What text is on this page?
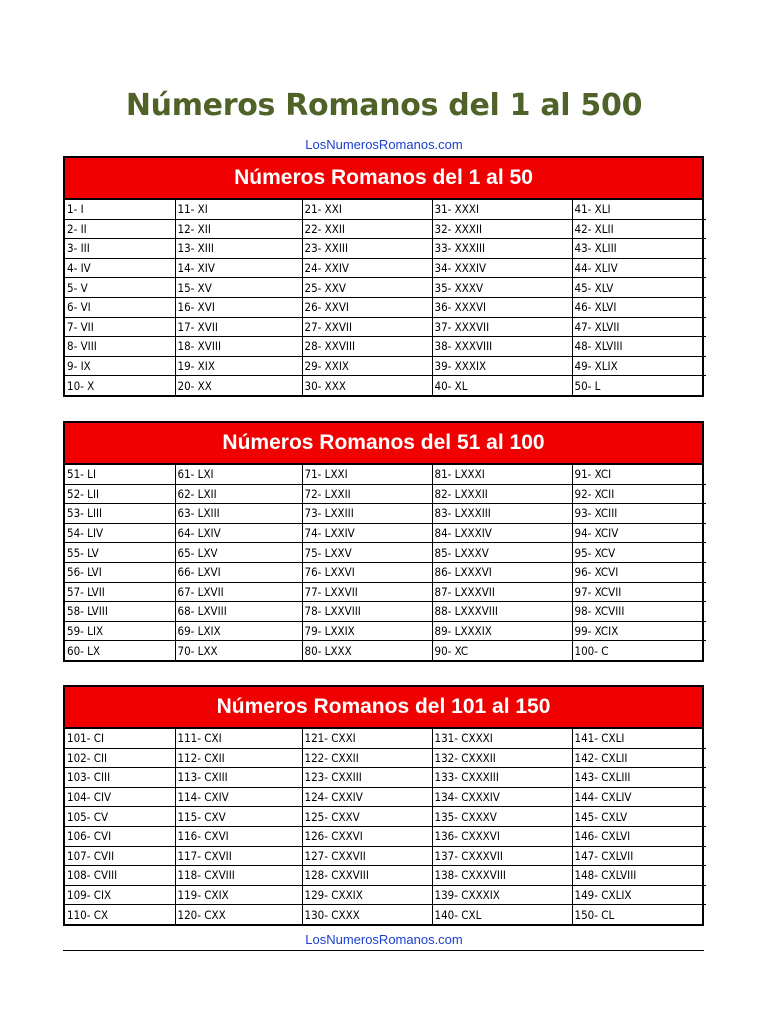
Números Romanos del 1 al 500
LosNumerosRomanos.com
Números Romanos del 1 al 50
1- I	11- XI	21- XXI	31- XXXI	41- XLI
2- II	12- XII	22- XXII	32- XXXII	42- XLII
3- III	13- XIII	23- XXIII	33- XXXIII	43- XLIII
4- IV	14- XIV	24- XXIV	34- XXXIV	44- XLIV
5- V	15- XV	25- XXV	35- XXXV	45- XLV
6- VI	16- XVI	26- XXVI	36- XXXVI	46- XLVI
7- VII	17- XVII	27- XXVII	37- XXXVII	47- XLVII
8- VIII	18- XVIII	28- XXVIII	38- XXXVIII	48- XLVIII
9- IX	19- XIX	29- XXIX	39- XXXIX	49- XLIX
10- X	20- XX	30- XXX	40- XL	50- L
Números Romanos del 51 al 100
51- LI	61- LXI	71- LXXI	81- LXXXI	91- XCI
52- LII	62- LXII	72- LXXII	82- LXXXII	92- XCII
53- LIII	63- LXIII	73- LXXIII	83- LXXXIII	93- XCIII
54- LIV	64- LXIV	74- LXXIV	84- LXXXIV	94- XCIV
55- LV	65- LXV	75- LXXV	85- LXXXV	95- XCV
56- LVI	66- LXVI	76- LXXVI	86- LXXXVI	96- XCVI
57- LVII	67- LXVII	77- LXXVII	87- LXXXVII	97- XCVII
58- LVIII	68- LXVIII	78- LXXVIII	88- LXXXVIII	98- XCVIII
59- LIX	69- LXIX	79- LXXIX	89- LXXXIX	99- XCIX
60- LX	70- LXX	80- LXXX	90- XC	100- C
Números Romanos del 101 al 150
101- CI	111- CXI	121- CXXI	131- CXXXI	141- CXLI
102- CII	112- CXII	122- CXXII	132- CXXXII	142- CXLII
103- CIII	113- CXIII	123- CXXIII	133- CXXXIII	143- CXLIII
104- CIV	114- CXIV	124- CXXIV	134- CXXXIV	144- CXLIV
105- CV	115- CXV	125- CXXV	135- CXXXV	145- CXLV
106- CVI	116- CXVI	126- CXXVI	136- CXXXVI	146- CXLVI
107- CVII	117- CXVII	127- CXXVII	137- CXXXVII	147- CXLVII
108- CVIII	118- CXVIII	128- CXXVIII	138- CXXXVIII	148- CXLVIII
109- CIX	119- CXIX	129- CXXIX	139- CXXXIX	149- CXLIX
110- CX	120- CXX	130- CXXX	140- CXL	150- CL
LosNumerosRomanos.com
